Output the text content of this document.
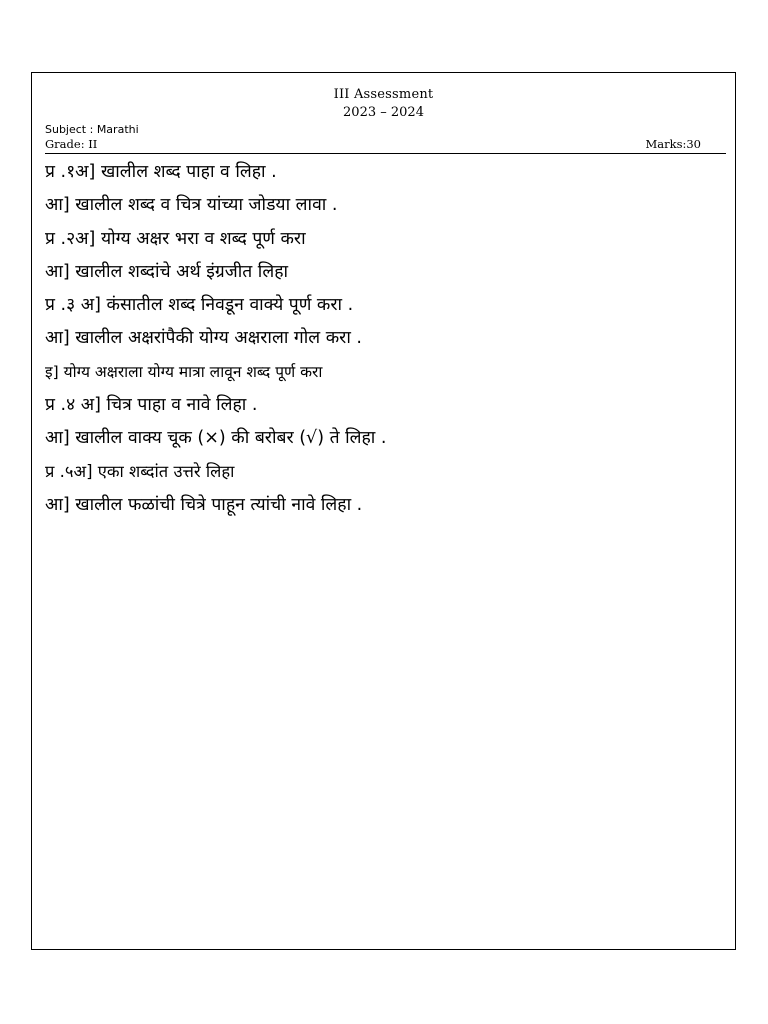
III Assessment
2023 – 2024
Subject : Marathi
Grade: II	Marks:30
प्र .१अ] खालील शब्द पाहा व लिहा .
आ] खालील शब्द व चित्र यांच्या जोडया लावा .
प्र .२अ] योग्य अक्षर भरा व शब्द पूर्ण करा
आ] खालील शब्दांचे अर्थ इंग्रजीत लिहा
प्र .३ अ] कंसातील शब्द निवडून वाक्ये पूर्ण करा .
आ] खालील अक्षरांपैकी योग्य अक्षराला गोल करा .
इ] योग्य अक्षराला योग्य मात्रा लावून शब्द पूर्ण करा
प्र .४ अ] चित्र पाहा व नावे लिहा .
आ] खालील वाक्य चूक (×) की बरोबर (√) ते लिहा .
प्र .५अ] एका शब्दांत उत्तरे लिहा
आ] खालील फळांची चित्रे पाहून त्यांची नावे लिहा .
